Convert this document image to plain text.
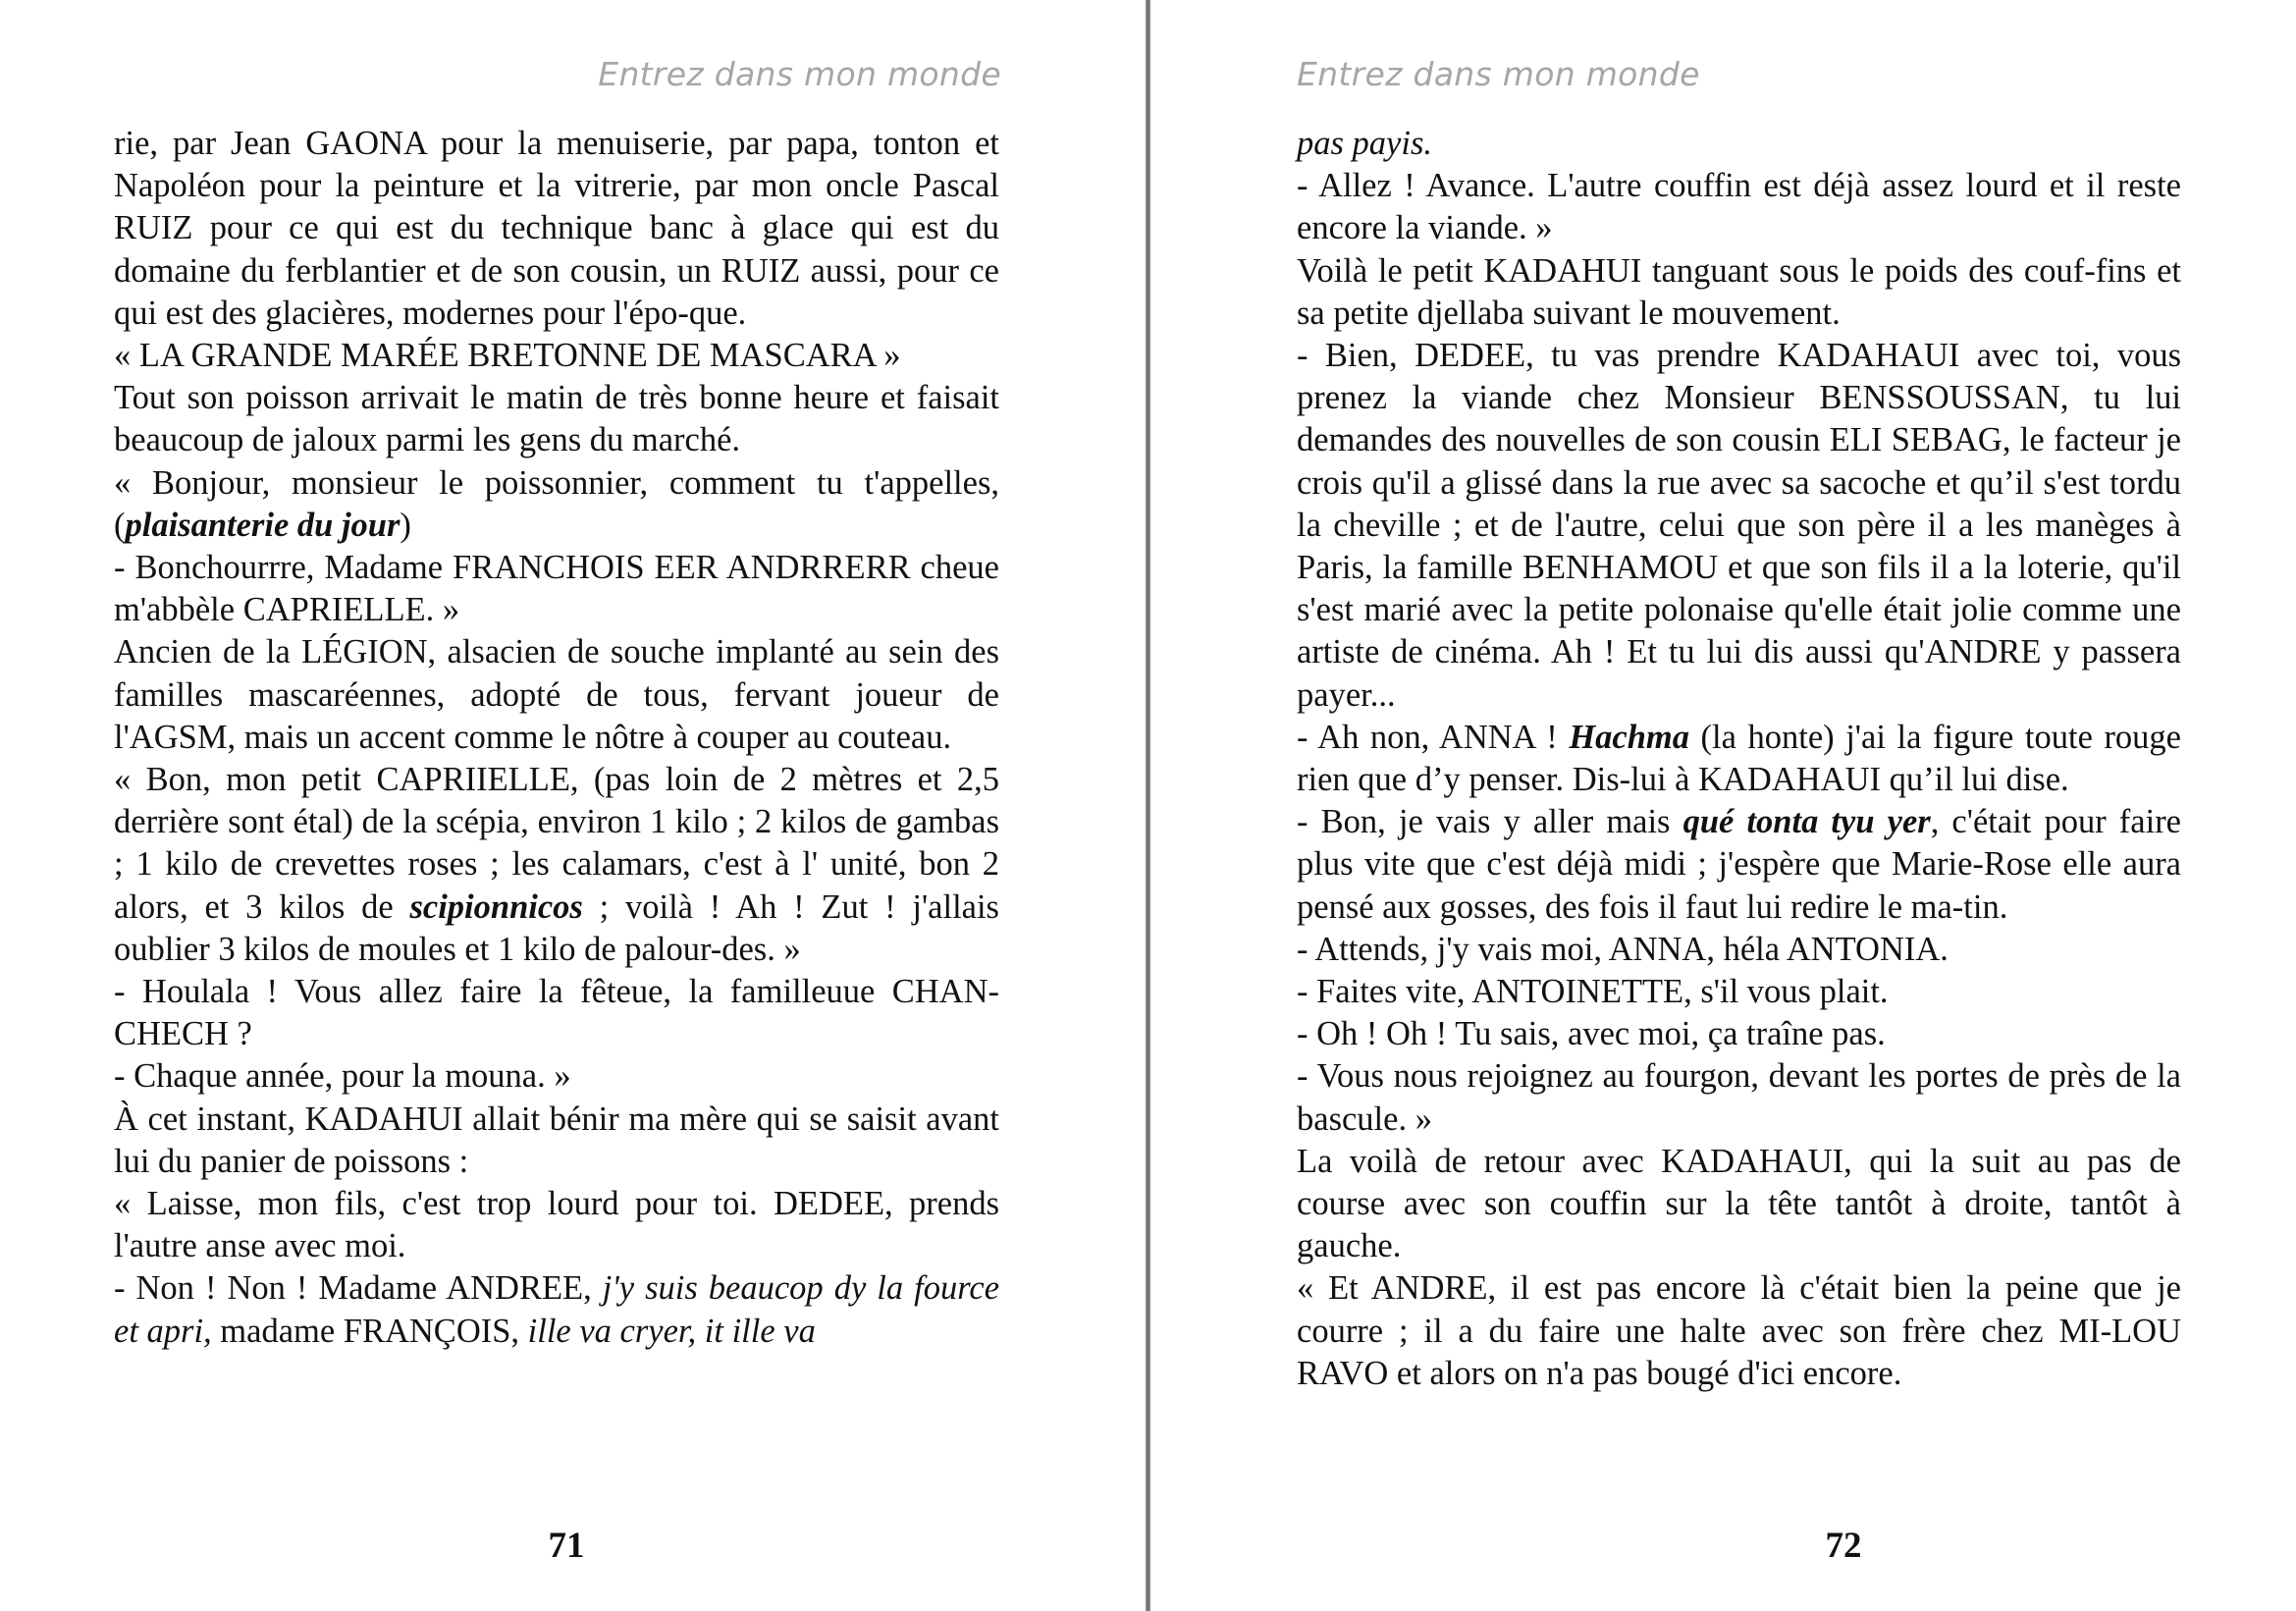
Entrez dans mon monde

rie, par Jean GAONA pour la menuiserie, par papa, tonton et Napoléon pour la peinture et la vitrerie, par mon oncle Pascal RUIZ pour ce qui est du technique banc à glace qui est du domaine du ferblantier et de son cousin, un RUIZ aussi, pour ce qui est des glacières, modernes pour l'épo-que.

« LA GRANDE MARÉE BRETONNE DE MASCARA »

Tout son poisson arrivait le matin de très bonne heure et faisait beaucoup de jaloux parmi les gens du marché.

« Bonjour, monsieur le poissonnier, comment tu t'appelles, (plaisanterie du jour)

- Bonchourrre, Madame FRANCHOIS EER ANDRRERR cheue m'abbèle CAPRIELLE. »

Ancien de la LÉGION, alsacien de souche implanté au sein des familles mascaréennes, adopté de tous, fervant joueur de l'AGSM, mais un accent comme le nôtre à couper au couteau.

« Bon, mon petit CAPRIIELLE, (pas loin de 2 mètres et 2,5 derrière sont étal) de la scépia, environ 1 kilo ; 2 kilos de gambas ; 1 kilo de crevettes roses ; les calamars, c'est à l' unité, bon 2 alors, et 3 kilos de scipionnicos ; voilà ! Ah ! Zut ! j'allais oublier 3 kilos de moules et 1 kilo de palour-des. »

- Houlala ! Vous allez faire la fêteue, la familleuue CHAN-CHECH ?

- Chaque année, pour la mouna. »

À cet instant, KADAHUI allait bénir ma mère qui se saisit avant lui du panier de poissons :

« Laisse, mon fils, c'est trop lourd pour toi. DEDEE, prends l'autre anse avec moi.

- Non ! Non ! Madame ANDREE, j'y suis beaucop dy la fource et apri, madame FRANÇOIS, ille va cryer, it ille va

71
Entrez dans mon monde

pas payis.

- Allez ! Avance. L'autre couffin est déjà assez lourd et il reste encore la viande. »

Voilà le petit KADAHUI tanguant sous le poids des couf-fins et sa petite djellaba suivant le mouvement.

- Bien, DEDEE, tu vas prendre KADAHAUI avec toi, vous prenez la viande chez Monsieur BENSSOUSSAN, tu lui demandes des nouvelles de son cousin ELI SEBAG, le facteur je crois qu'il a glissé dans la rue avec sa sacoche et qu’il s'est tordu la cheville ; et de l'autre, celui que son père il a les manèges à Paris, la famille BENHAMOU et que son fils il a la loterie, qu'il s'est marié avec la petite polonaise qu'elle était jolie comme une artiste de cinéma. Ah ! Et tu lui dis aussi qu'ANDRE y passera payer...

- Ah non, ANNA ! Hachma (la honte) j'ai la figure toute rouge rien que d’y penser. Dis-lui à KADAHAUI qu’il lui dise.

- Bon, je vais y aller mais qué tonta tyu yer, c'était pour faire plus vite que c'est déjà midi ; j'espère que Marie-Rose elle aura pensé aux gosses, des fois il faut lui redire le ma-tin.

- Attends, j'y vais moi, ANNA, héla ANTONIA.

- Faites vite, ANTOINETTE, s'il vous plait.

- Oh ! Oh ! Tu sais, avec moi, ça traîne pas.

- Vous nous rejoignez au fourgon, devant les portes de près de la bascule. »

La voilà de retour avec KADAHAUI, qui la suit au pas de course avec son couffin sur la tête tantôt à droite, tantôt à gauche.

« Et ANDRE, il est pas encore là c'était bien la peine que je courre ; il a du faire une halte avec son frère chez MI-LOU RAVO et alors on n'a pas bougé d'ici encore.

72
